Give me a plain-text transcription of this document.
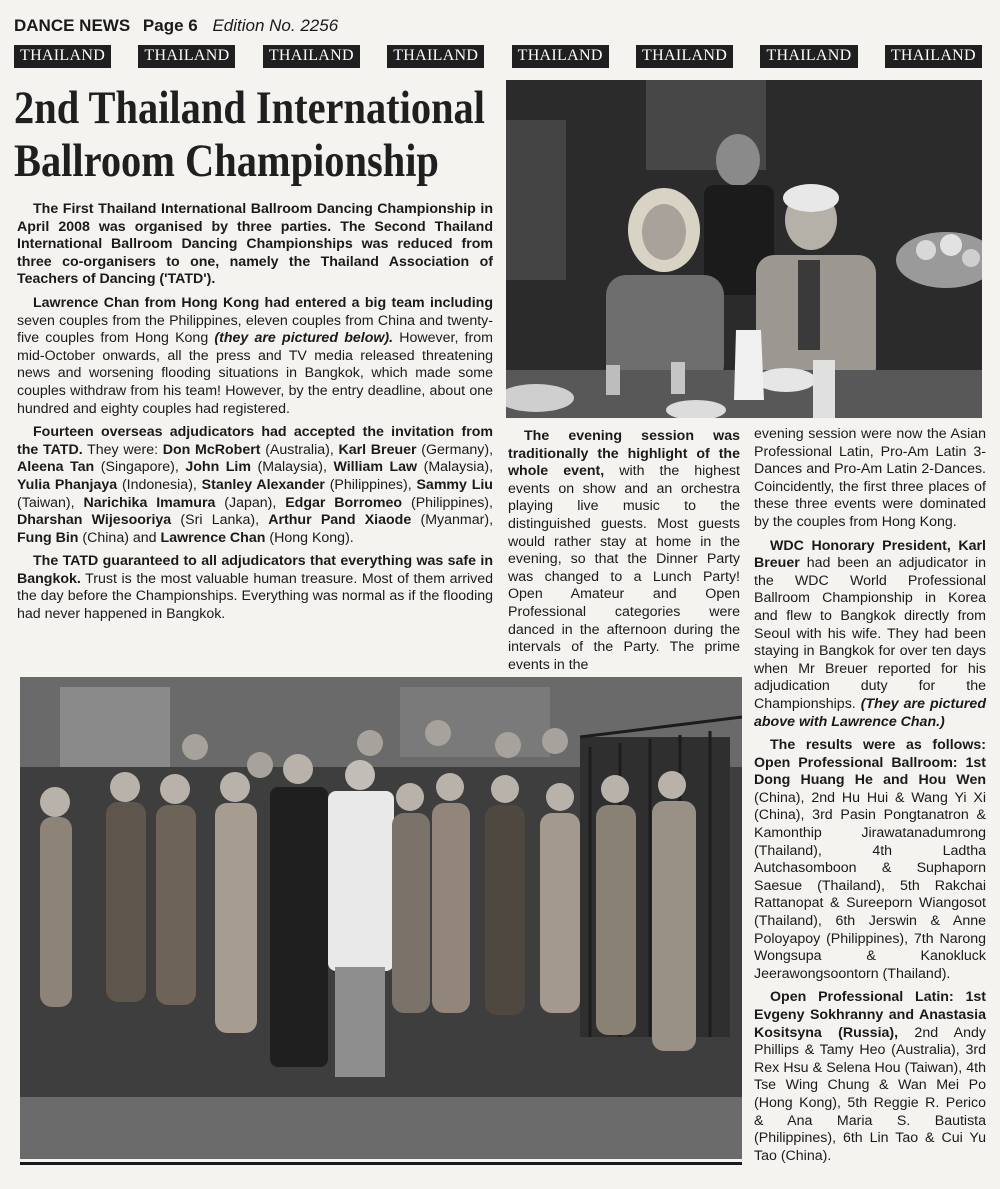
DANCE NEWS Page 6 Edition No. 2256
THAILAND	THAILAND	THAILAND	THAILAND	THAILAND	THAILAND	THAILAND	THAILAND
2nd Thailand International
Ballroom Championship

The First Thailand International Ballroom Dancing Championship in April 2008 was organised by three parties. The Second Thailand International Ballroom Dancing Championships was reduced from three co-organisers to one, namely the Thailand Association of Teachers of Dancing ('TATD').

Lawrence Chan from Hong Kong had entered a big team including seven couples from the Philippines, eleven couples from China and twenty-five couples from Hong Kong (they are pictured below). However, from mid-October onwards, all the press and TV media released threatening news and worsening flooding situations in Bangkok, which made some couples withdraw from his team! However, by the entry deadline, about one hundred and eighty couples had registered.

Fourteen overseas adjudicators had accepted the invitation from the TATD. They were: Don McRobert (Australia), Karl Breuer (Germany), Aleena Tan (Singapore), John Lim (Malaysia), William Law (Malaysia), Yulia Phanjaya (Indonesia), Stanley Alexander (Philippines), Sammy Liu (Taiwan), Narichika Imamura (Japan), Edgar Borromeo (Philippines), Dharshan Wijesooriya (Sri Lanka), Arthur Pand Xiaode (Myanmar), Fung Bin (China) and Lawrence Chan (Hong Kong).

The TATD guaranteed to all adjudicators that everything was safe in Bangkok. Trust is the most valuable human treasure. Most of them arrived the day before the Championships. Everything was normal as if the flooding had never happened in Bangkok.

The evening session was traditionally the highlight of the whole event, with the highest events on show and an orchestra playing live music to the distinguished guests. Most guests would rather stay at home in the evening, so that the Dinner Party was changed to a Lunch Party! Open Amateur and Open Professional categories were danced in the afternoon during the intervals of the Party. The prime events in the

evening session were now the Asian Professional Latin, Pro-Am Latin 3-Dances and Pro-Am Latin 2-Dances. Coincidently, the first three places of these three events were dominated by the couples from Hong Kong.

WDC Honorary President, Karl Breuer had been an adjudicator in the WDC World Professional Ballroom Championship in Korea and flew to Bangkok directly from Seoul with his wife. They had been staying in Bangkok for over ten days when Mr Breuer reported for his adjudication duty for the Championships. (They are pictured above with Lawrence Chan.)

The results were as follows: Open Professional Ballroom: 1st Dong Huang He and Hou Wen (China), 2nd Hu Hui & Wang Yi Xi (China), 3rd Pasin Pongtanatron & Kamonthip Jirawatanadumrong (Thailand), 4th Ladtha Autchasomboon & Suphaporn Saesue (Thailand), 5th Rakchai Rattanopat & Sureeporn Wiangosot (Thailand), 6th Jerswin & Anne Poloyapoy (Philippines), 7th Narong Wongsupa & Kanokluck Jeerawongsoontorn (Thailand).

Open Professional Latin: 1st Evgeny Sokhranny and Anastasia Kositsyna (Russia), 2nd Andy Phillips & Tamy Heo (Australia), 3rd Rex Hsu & Selena Hou (Taiwan), 4th Tse Wing Chung & Wan Mei Po (Hong Kong), 5th Reggie R. Perico & Ana Maria S. Bautista (Philippines), 6th Lin Tao & Cui Yu Tao (China).
